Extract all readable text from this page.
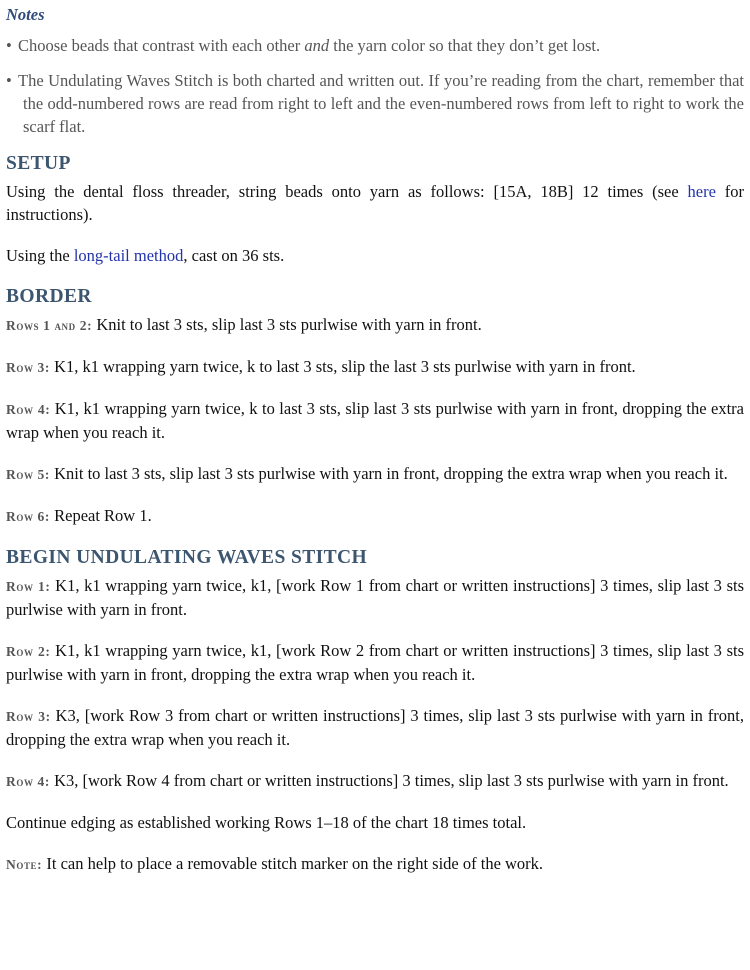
Notes

• Choose beads that contrast with each other and the yarn color so that they don’t get lost.

• The Undulating Waves Stitch is both charted and written out. If you’re reading from the chart, remember that the odd-numbered rows are read from right to left and the even-numbered rows from left to right to work the scarf flat.

SETUP

Using the dental floss threader, string beads onto yarn as follows: [15A, 18B] 12 times (see here for instructions).

Using the long-tail method, cast on 36 sts.

BORDER

Rows 1 and 2: Knit to last 3 sts, slip last 3 sts purlwise with yarn in front.

Row 3: K1, k1 wrapping yarn twice, k to last 3 sts, slip the last 3 sts purlwise with yarn in front.

Row 4: K1, k1 wrapping yarn twice, k to last 3 sts, slip last 3 sts purlwise with yarn in front, dropping the extra wrap when you reach it.

Row 5: Knit to last 3 sts, slip last 3 sts purlwise with yarn in front, dropping the extra wrap when you reach it.

Row 6: Repeat Row 1.

BEGIN UNDULATING WAVES STITCH

Row 1: K1, k1 wrapping yarn twice, k1, [work Row 1 from chart or written instructions] 3 times, slip last 3 sts purlwise with yarn in front.

Row 2: K1, k1 wrapping yarn twice, k1, [work Row 2 from chart or written instructions] 3 times, slip last 3 sts purlwise with yarn in front, dropping the extra wrap when you reach it.

Row 3: K3, [work Row 3 from chart or written instructions] 3 times, slip last 3 sts purlwise with yarn in front, dropping the extra wrap when you reach it.

Row 4: K3, [work Row 4 from chart or written instructions] 3 times, slip last 3 sts purlwise with yarn in front.

Continue edging as established working Rows 1–18 of the chart 18 times total.

Note: It can help to place a removable stitch marker on the right side of the work.
